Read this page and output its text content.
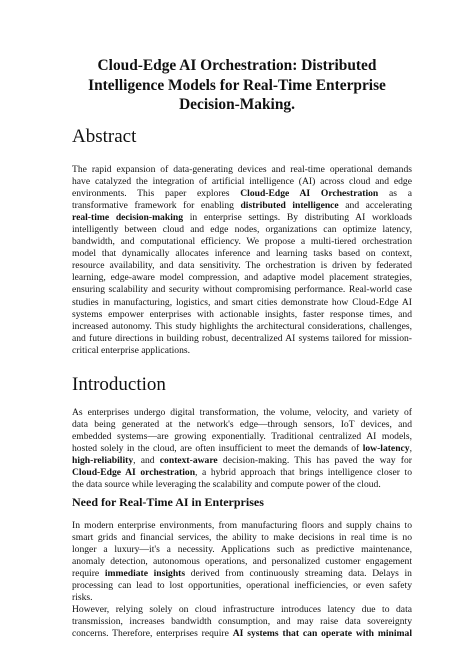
Cloud-Edge AI Orchestration: Distributed
Intelligence Models for Real-Time Enterprise
Decision-Making.
Abstract
The rapid expansion of data-generating devices and real-time operational demands
have catalyzed the integration of artificial intelligence (AI) across cloud and edge
environments. This paper explores Cloud-Edge AI Orchestration as a
transformative framework for enabling distributed intelligence and accelerating
real-time decision-making in enterprise settings. By distributing AI workloads
intelligently between cloud and edge nodes, organizations can optimize latency,
bandwidth, and computational efficiency. We propose a multi-tiered orchestration
model that dynamically allocates inference and learning tasks based on context,
resource availability, and data sensitivity. The orchestration is driven by federated
learning, edge-aware model compression, and adaptive model placement strategies,
ensuring scalability and security without compromising performance. Real-world case
studies in manufacturing, logistics, and smart cities demonstrate how Cloud-Edge AI
systems empower enterprises with actionable insights, faster response times, and
increased autonomy. This study highlights the architectural considerations, challenges,
and future directions in building robust, decentralized AI systems tailored for mission-
critical enterprise applications.
Introduction
As enterprises undergo digital transformation, the volume, velocity, and variety of
data being generated at the network's edge—through sensors, IoT devices, and
embedded systems—are growing exponentially. Traditional centralized AI models,
hosted solely in the cloud, are often insufficient to meet the demands of low-latency,
high-reliability, and context-aware decision-making. This has paved the way for
Cloud-Edge AI orchestration, a hybrid approach that brings intelligence closer to
the data source while leveraging the scalability and compute power of the cloud.
Need for Real-Time AI in Enterprises
In modern enterprise environments, from manufacturing floors and supply chains to
smart grids and financial services, the ability to make decisions in real time is no
longer a luxury—it's a necessity. Applications such as predictive maintenance,
anomaly detection, autonomous operations, and personalized customer engagement
require immediate insights derived from continuously streaming data. Delays in
processing can lead to lost opportunities, operational inefficiencies, or even safety
risks.
However, relying solely on cloud infrastructure introduces latency due to data
transmission, increases bandwidth consumption, and may raise data sovereignty
concerns. Therefore, enterprises require AI systems that can operate with minimal
